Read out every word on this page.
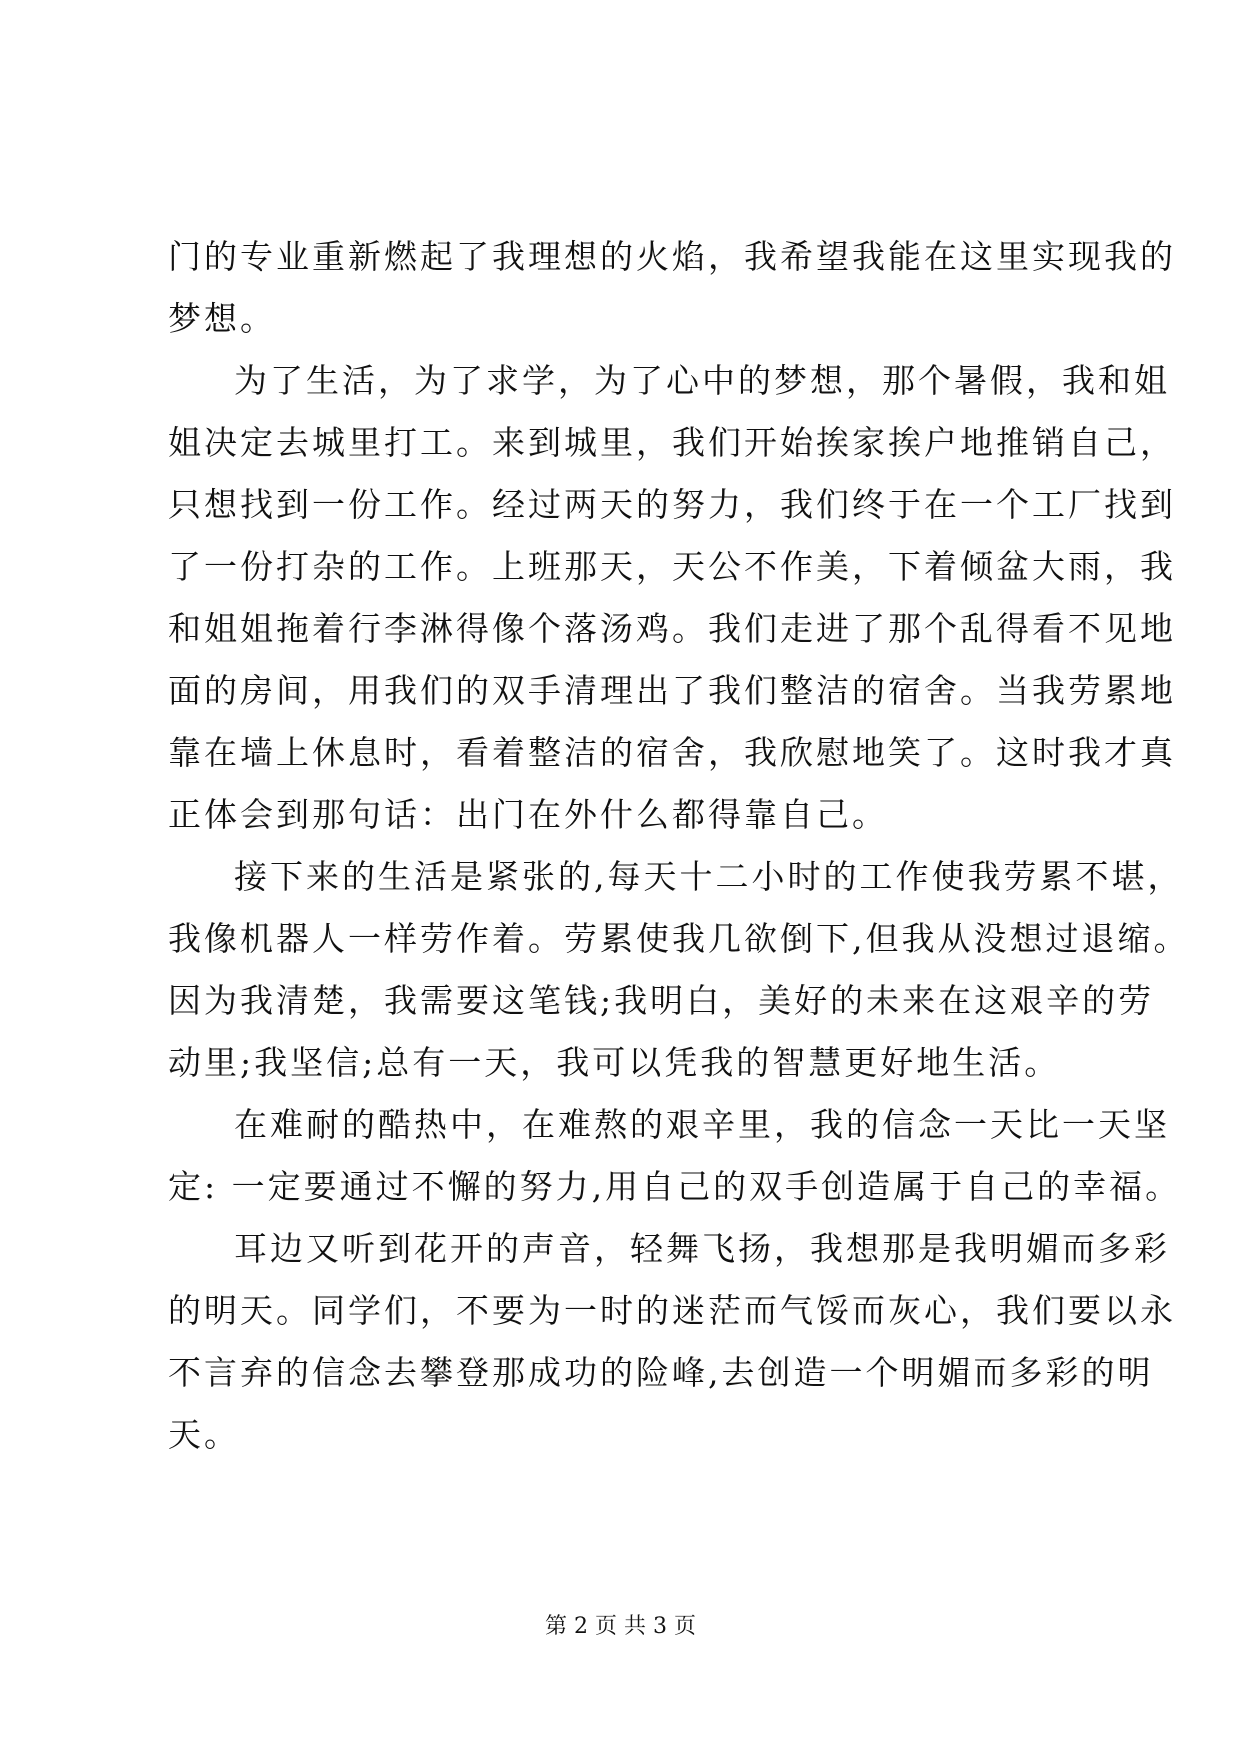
门的专业重新燃起了我理想的火焰，我希望我能在这里实现我的
梦想。
为了生活，为了求学，为了心中的梦想，那个暑假，我和姐
姐决定去城里打工。来到城里，我们开始挨家挨户地推销自己，
只想找到一份工作。经过两天的努力，我们终于在一个工厂找到
了一份打杂的工作。上班那天，天公不作美，下着倾盆大雨，我
和姐姐拖着行李淋得像个落汤鸡。我们走进了那个乱得看不见地
面的房间，用我们的双手清理出了我们整洁的宿舍。当我劳累地
靠在墙上休息时，看着整洁的宿舍，我欣慰地笑了。这时我才真
正体会到那句话：出门在外什么都得靠自己。
接下来的生活是紧张的,每天十二小时的工作使我劳累不堪，
我像机器人一样劳作着。劳累使我几欲倒下,但我从没想过退缩。
因为我清楚，我需要这笔钱;我明白，美好的未来在这艰辛的劳
动里;我坚信;总有一天，我可以凭我的智慧更好地生活。
在难耐的酷热中，在难熬的艰辛里，我的信念一天比一天坚
定: 一定要通过不懈的努力,用自己的双手创造属于自己的幸福。
耳边又听到花开的声音，轻舞飞扬，我想那是我明媚而多彩
的明天。同学们，不要为一时的迷茫而气馁而灰心，我们要以永
不言弃的信念去攀登那成功的险峰,去创造一个明媚而多彩的明
天。
第 2 页 共 3 页
